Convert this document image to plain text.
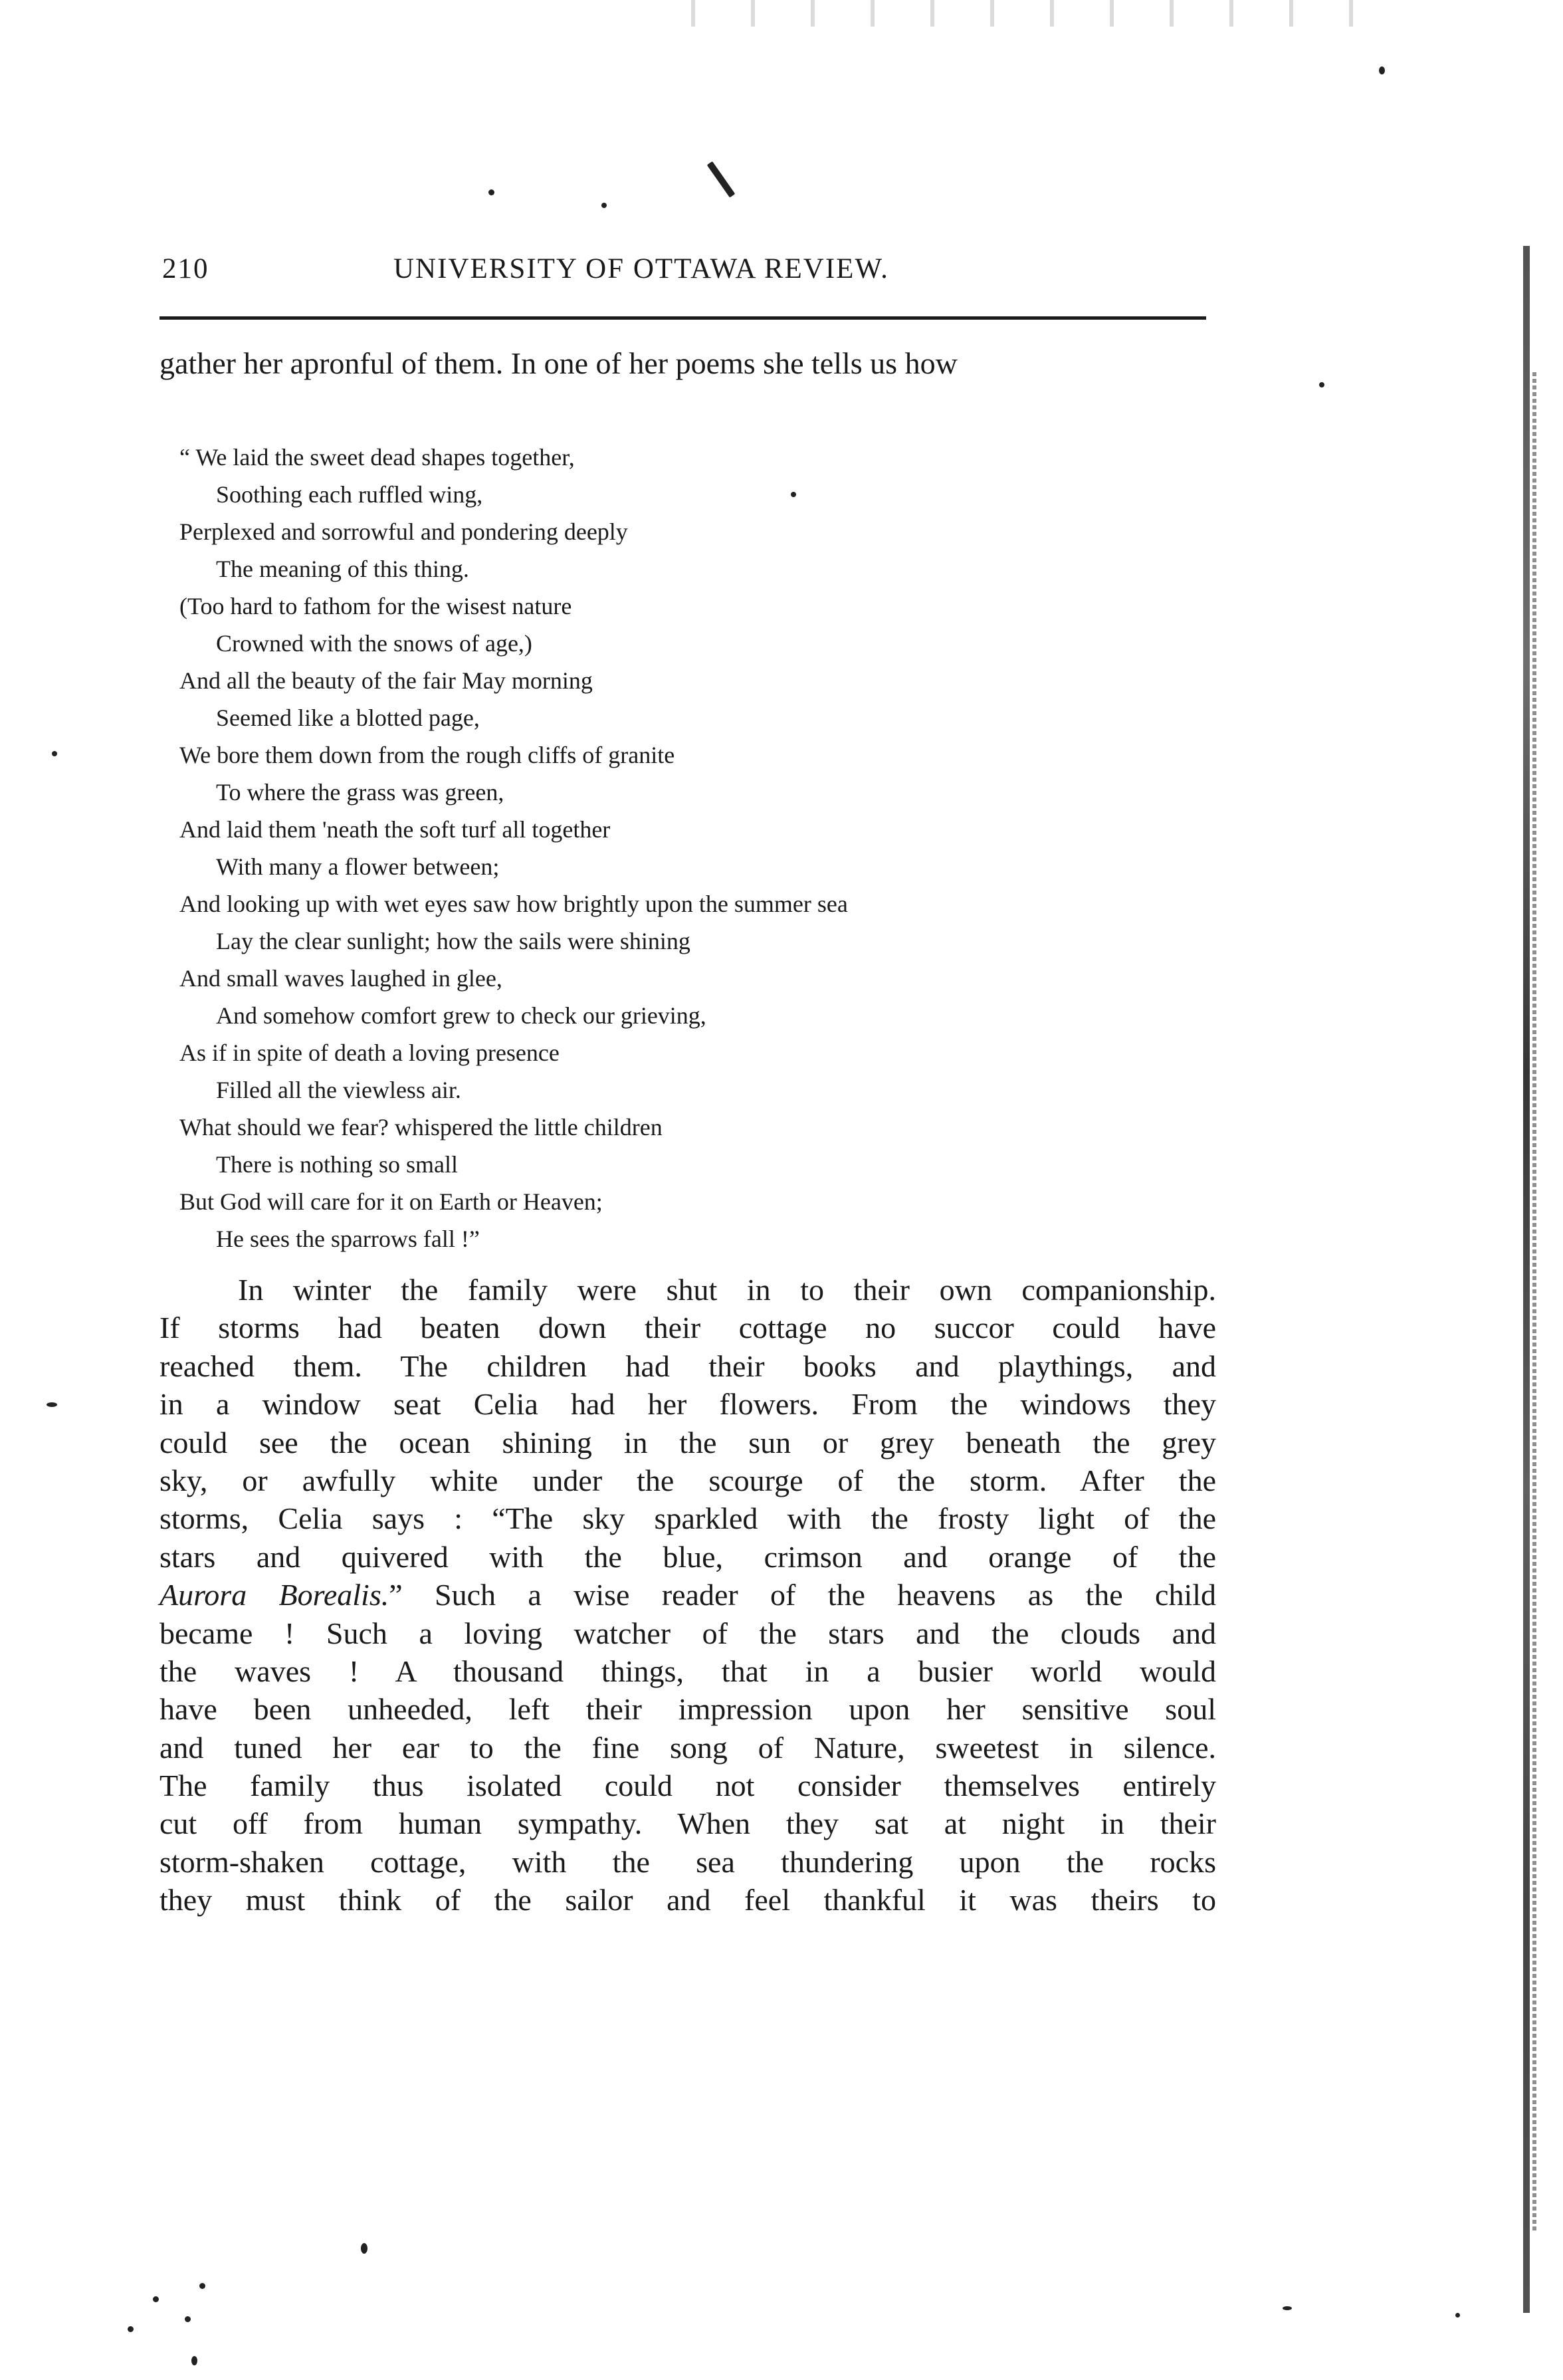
210	UNIVERSITY OF OTTAWA REVIEW.

gather her apronful of them. In one of her poems she tells us how

“ We laid the sweet dead shapes together,
Soothing each ruffled wing,
Perplexed and sorrowful and pondering deeply
The meaning of this thing.
(Too hard to fathom for the wisest nature
Crowned with the snows of age,)
And all the beauty of the fair May morning
Seemed like a blotted page,
We bore them down from the rough cliffs of granite
To where the grass was green,
And laid them 'neath the soft turf all together
With many a flower between;
And looking up with wet eyes saw how brightly upon the summer sea
Lay the clear sunlight; how the sails were shining
And small waves laughed in glee,
And somehow comfort grew to check our grieving,
As if in spite of death a loving presence
Filled all the viewless air.
What should we fear? whispered the little children
There is nothing so small
But God will care for it on Earth or Heaven;
He sees the sparrows fall !”
In winter the family were shut in to their own companionship.
If storms had beaten down their cottage no succor could have
reached them. The children had their books and playthings, and
in a window seat Celia had her flowers. From the windows they
could see the ocean shining in the sun or grey beneath the grey
sky, or awfully white under the scourge of the storm. After the
storms, Celia says : “The sky sparkled with the frosty light of the
stars and quivered with the blue, crimson and orange of the
Aurora Borealis.” Such a wise reader of the heavens as the child
became ! Such a loving watcher of the stars and the clouds and
the waves ! A thousand things, that in a busier world would
have been unheeded, left their impression upon her sensitive soul
and tuned her ear to the fine song of Nature, sweetest in silence.
The family thus isolated could not consider themselves entirely
cut off from human sympathy. When they sat at night in their
storm-shaken cottage, with the sea thundering upon the rocks
they must think of the sailor and feel thankful it was theirs to
